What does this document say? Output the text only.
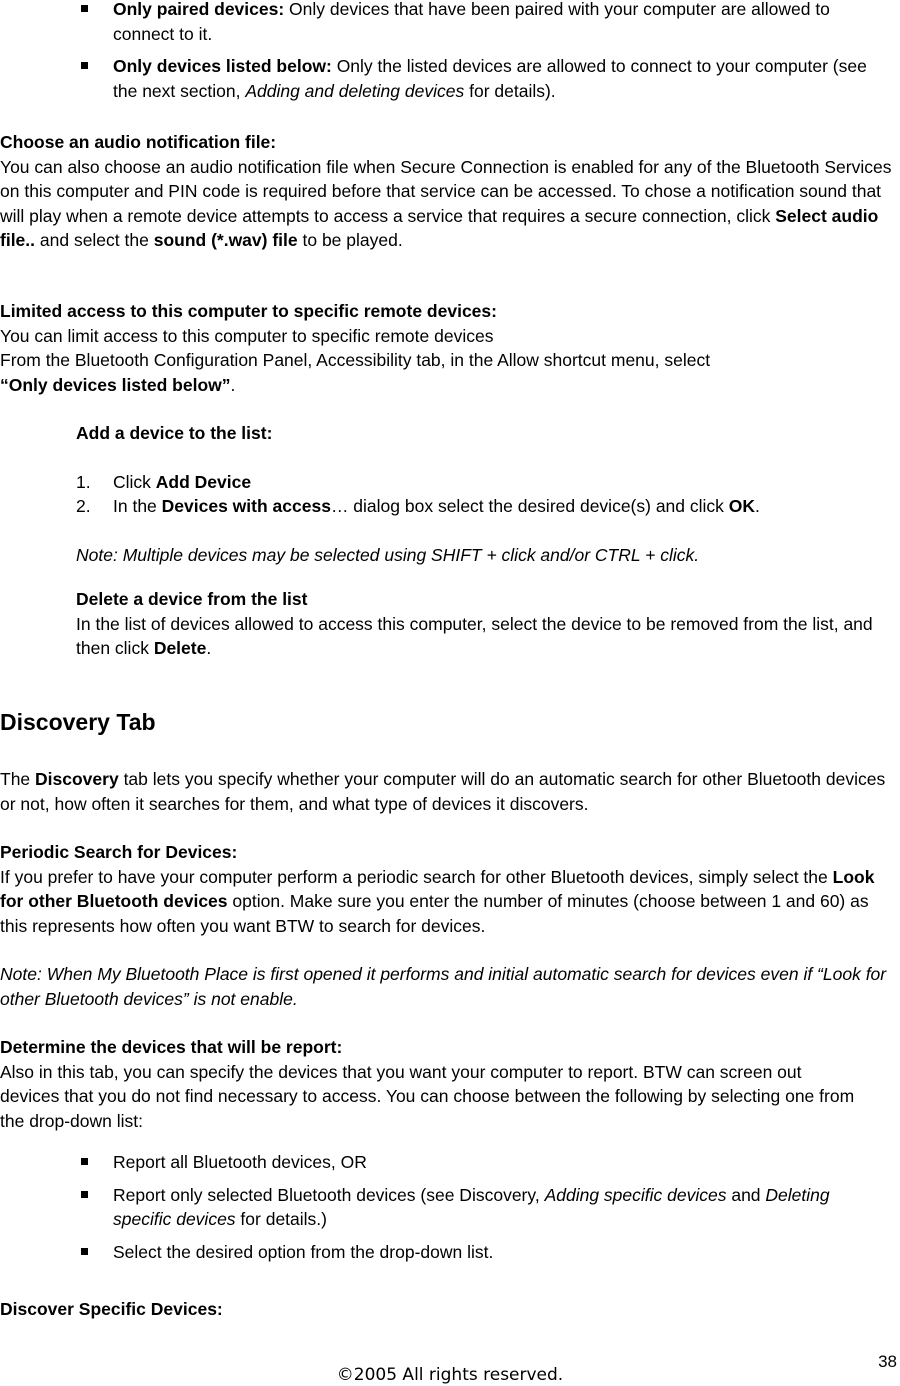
Only paired devices: Only devices that have been paired with your computer are allowed to connect to it.

Only devices listed below: Only the listed devices are allowed to connect to your computer (see the next section, Adding and deleting devices for details).

Choose an audio notification file:

You can also choose an audio notification file when Secure Connection is enabled for any of the Bluetooth Services on this computer and PIN code is required before that service can be accessed. To chose a notification sound that will play when a remote device attempts to access a service that requires a secure connection, click Select audio file.. and select the sound (*.wav) file to be played.

Limited access to this computer to specific remote devices:

You can limit access to this computer to specific remote devices

From the Bluetooth Configuration Panel, Accessibility tab, in the Allow shortcut menu, select
“Only devices listed below”.

Add a device to the list:

1. Click Add Device

2. In the Devices with access… dialog box select the desired device(s) and click OK.

Note: Multiple devices may be selected using SHIFT + click and/or CTRL + click.

Delete a device from the list

In the list of devices allowed to access this computer, select the device to be removed from the list, and then click Delete.

Discovery Tab

The Discovery tab lets you specify whether your computer will do an automatic search for other Bluetooth devices or not, how often it searches for them, and what type of devices it discovers.

Periodic Search for Devices:

If you prefer to have your computer perform a periodic search for other Bluetooth devices, simply select the Look for other Bluetooth devices option. Make sure you enter the number of minutes (choose between 1 and 60) as this represents how often you want BTW to search for devices.

Note: When My Bluetooth Place is first opened it performs and initial automatic search for devices even if “Look for other Bluetooth devices” is not enable.

Determine the devices that will be report:

Also in this tab, you can specify the devices that you want your computer to report. BTW can screen out devices that you do not find necessary to access. You can choose between the following by selecting one from the drop-down list:

Report all Bluetooth devices, OR

Report only selected Bluetooth devices (see Discovery, Adding specific devices and Deleting specific devices for details.)

Select the desired option from the drop-down list.

Discover Specific Devices:

38
©2005 All rights reserved.
